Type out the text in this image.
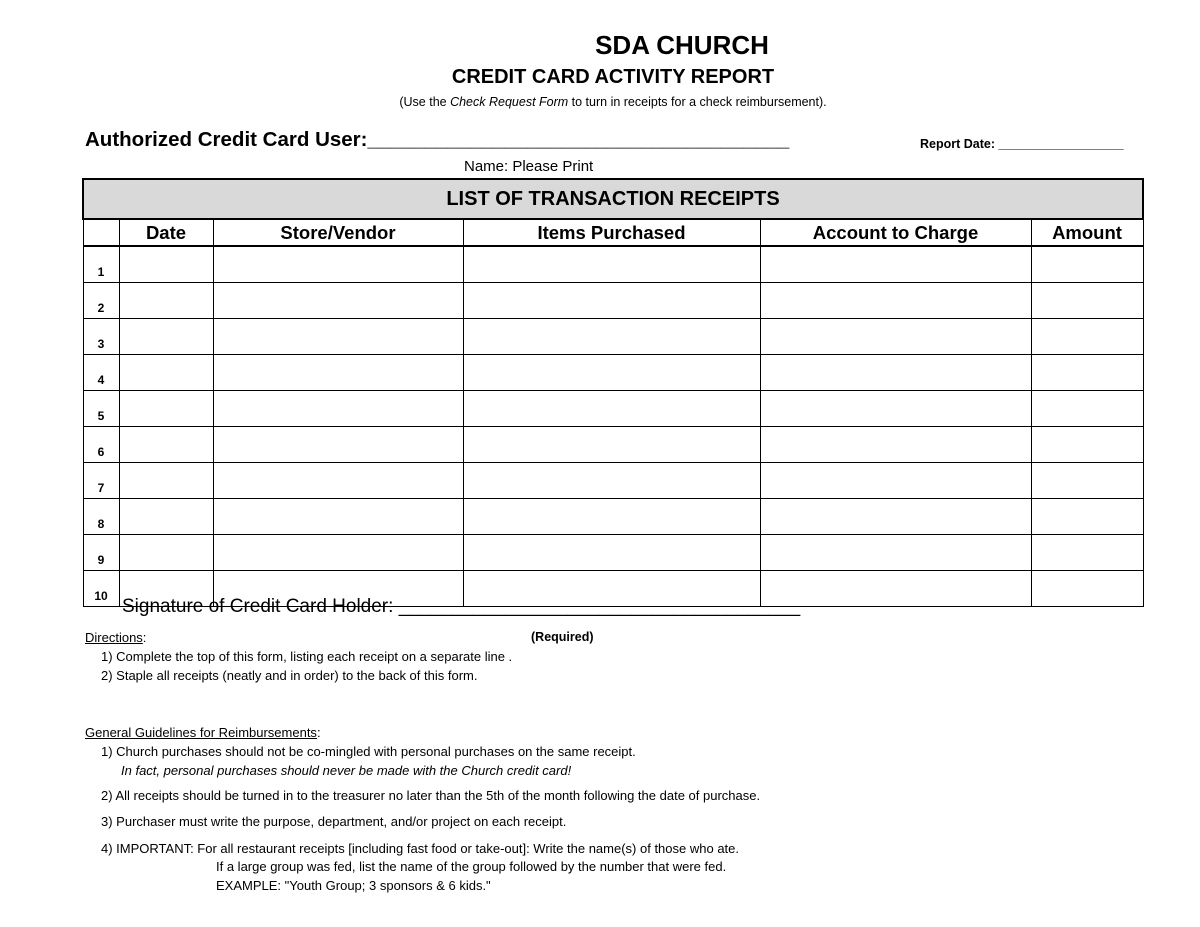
SDA CHURCH
CREDIT CARD ACTIVITY REPORT
(Use the Check Request Form to turn in receipts for a check reimbursement).
Authorized Credit Card User:_____________________________________	Report Date: __________________
Name: Please Print
LIST OF TRANSACTION RECEIPTS					
	Date	Store/Vendor	Items Purchased	Account to Charge	Amount
1					
2					
3					
4					
5					
6					
7					
8					
9					
10					Signature of Credit Card Holder: ______________________________________
(Required)
Directions:
1) Complete the top of this form, listing each receipt on a separate line .
2) Staple all receipts (neatly and in order) to the back of this form.
General Guidelines for Reimbursements:
1) Church purchases should not be co-mingled with personal purchases on the same receipt.
In fact, personal purchases should never be made with the Church credit card!
2) All receipts should be turned in to the treasurer no later than the 5th of the month following the date of purchase.
3) Purchaser must write the purpose, department, and/or project on each receipt.
4) IMPORTANT: For all restaurant receipts [including fast food or take-out]: Write the name(s) of those who ate.
If a large group was fed, list the name of the group followed by the number that were fed.
EXAMPLE: "Youth Group; 3 sponsors & 6 kids."
